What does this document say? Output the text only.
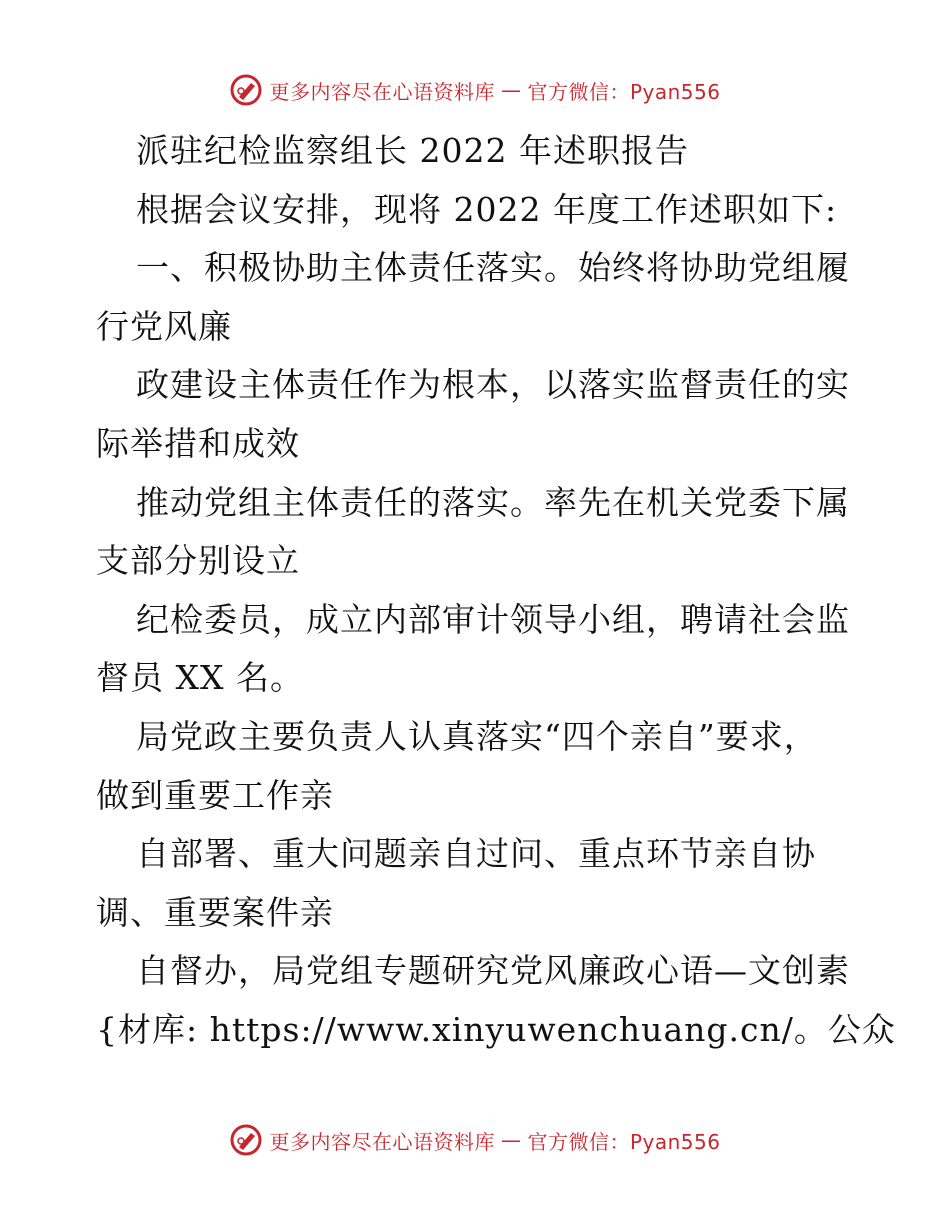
更多内容尽在心语资料库 — 官方微信：Pyan556
派驻纪检监察组长 2022 年述职报告
根据会议安排，现将 2022 年度工作述职如下:
一、积极协助主体责任落实。始终将协助党组履
行党风廉
政建设主体责任作为根本，以落实监督责任的实
际举措和成效
推动党组主体责任的落实。率先在机关党委下属
支部分别设立
纪检委员，成立内部审计领导小组，聘请社会监
督员 XX 名。
局党政主要负责人认真落实“四个亲自”要求，
做到重要工作亲
自部署、重大问题亲自过问、重点环节亲自协
调、重要案件亲
自督办，局党组专题研究党风廉政心语—文创素
{材库: https://www.xinyuwenchuang.cn/。公众
更多内容尽在心语资料库 — 官方微信：Pyan556
